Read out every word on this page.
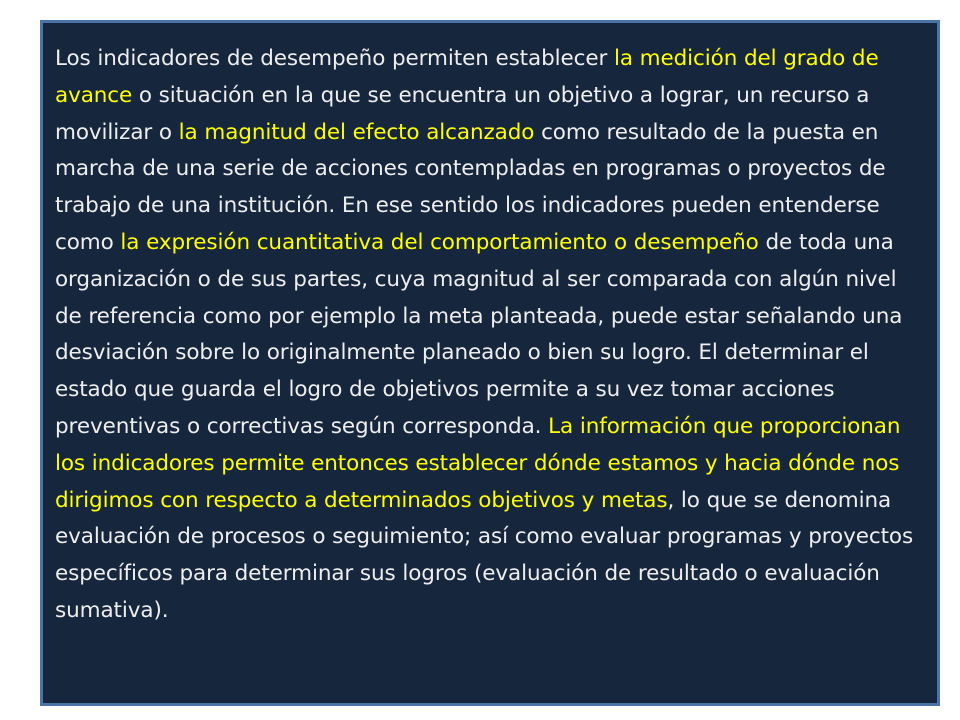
Los indicadores de desempeño permiten establecer la medición del grado de avance o situación en la que se encuentra un objetivo a lograr, un recurso a movilizar o la magnitud del efecto alcanzado como resultado de la puesta en marcha de una serie de acciones contempladas en programas o proyectos de trabajo de una institución. En ese sentido los indicadores pueden entenderse como la expresión cuantitativa del comportamiento o desempeño de toda una organización o de sus partes, cuya magnitud al ser comparada con algún nivel de referencia como por ejemplo la meta planteada, puede estar señalando una desviación sobre lo originalmente planeado o bien su logro. El determinar el estado que guarda el logro de objetivos permite a su vez tomar acciones preventivas o correctivas según corresponda. La información que proporcionan los indicadores permite entonces establecer dónde estamos y hacia dónde nos dirigimos con respecto a determinados objetivos y metas, lo que se denomina evaluación de procesos o seguimiento; así como evaluar programas y proyectos específicos para determinar sus logros (evaluación de resultado o evaluación sumativa).
